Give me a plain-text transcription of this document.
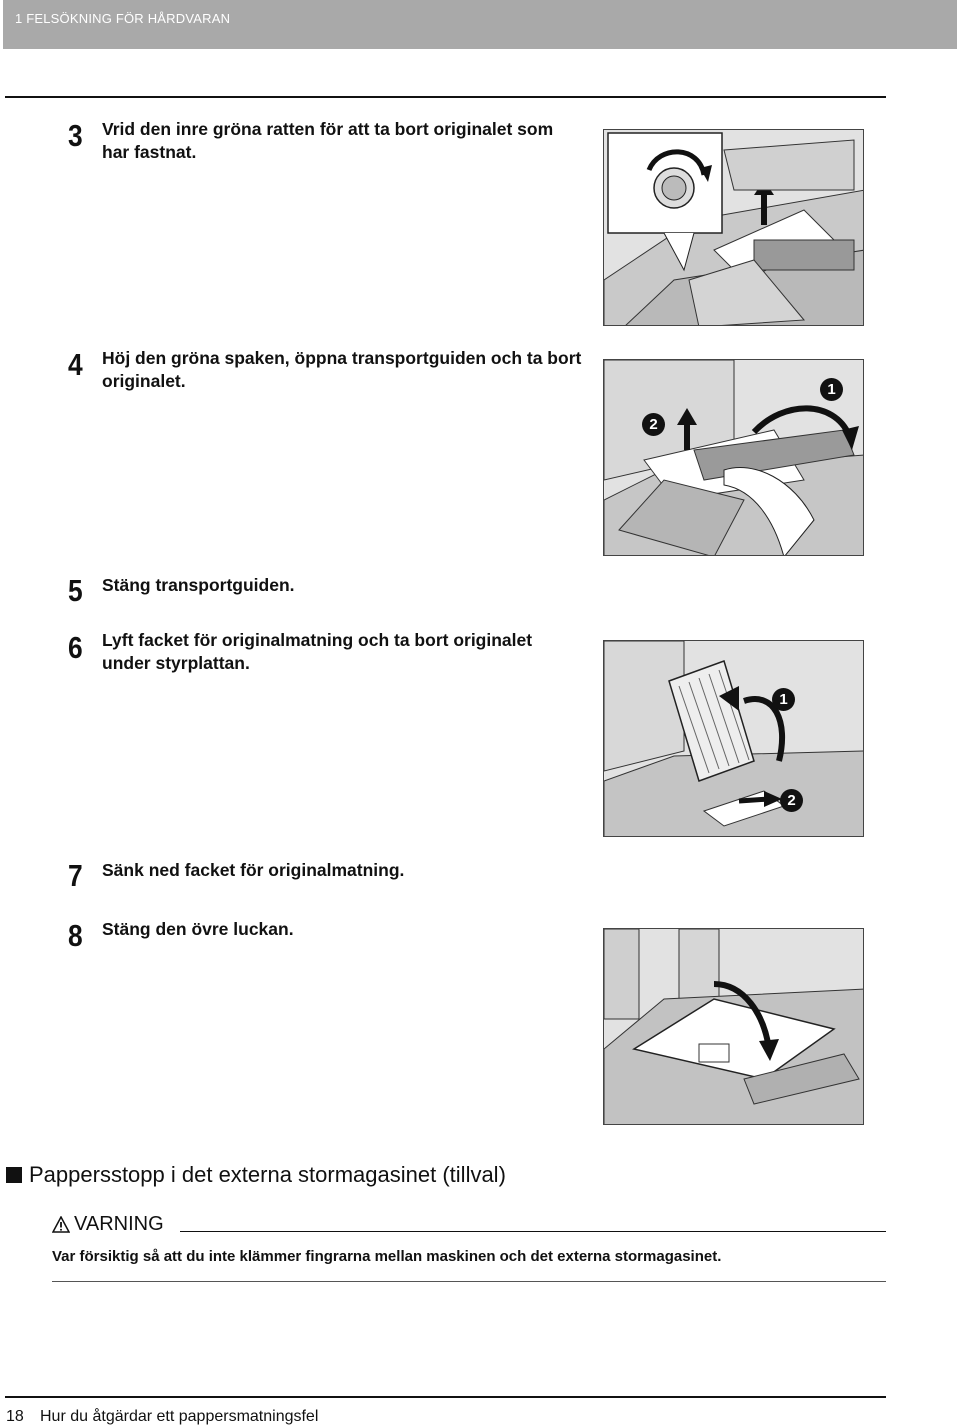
1 FELSÖKNING FÖR HÅRDVARAN
3 Vrid den inre gröna ratten för att ta bort originalet som har fastnat.
4 Höj den gröna spaken, öppna transportguiden och ta bort originalet.	1
2
5 Stäng transportguiden.
6 Lyft facket för originalmatning och ta bort originalet under styrplattan.
1
2
7 Sänk ned facket för originalmatning.
8 Stäng den övre luckan.
Pappersstopp i det externa stormagasinet (tillval)
VARNING
Var försiktig så att du inte klämmer fingrarna mellan maskinen och det externa stormagasinet.
18 Hur du åtgärdar ett pappersmatningsfel
